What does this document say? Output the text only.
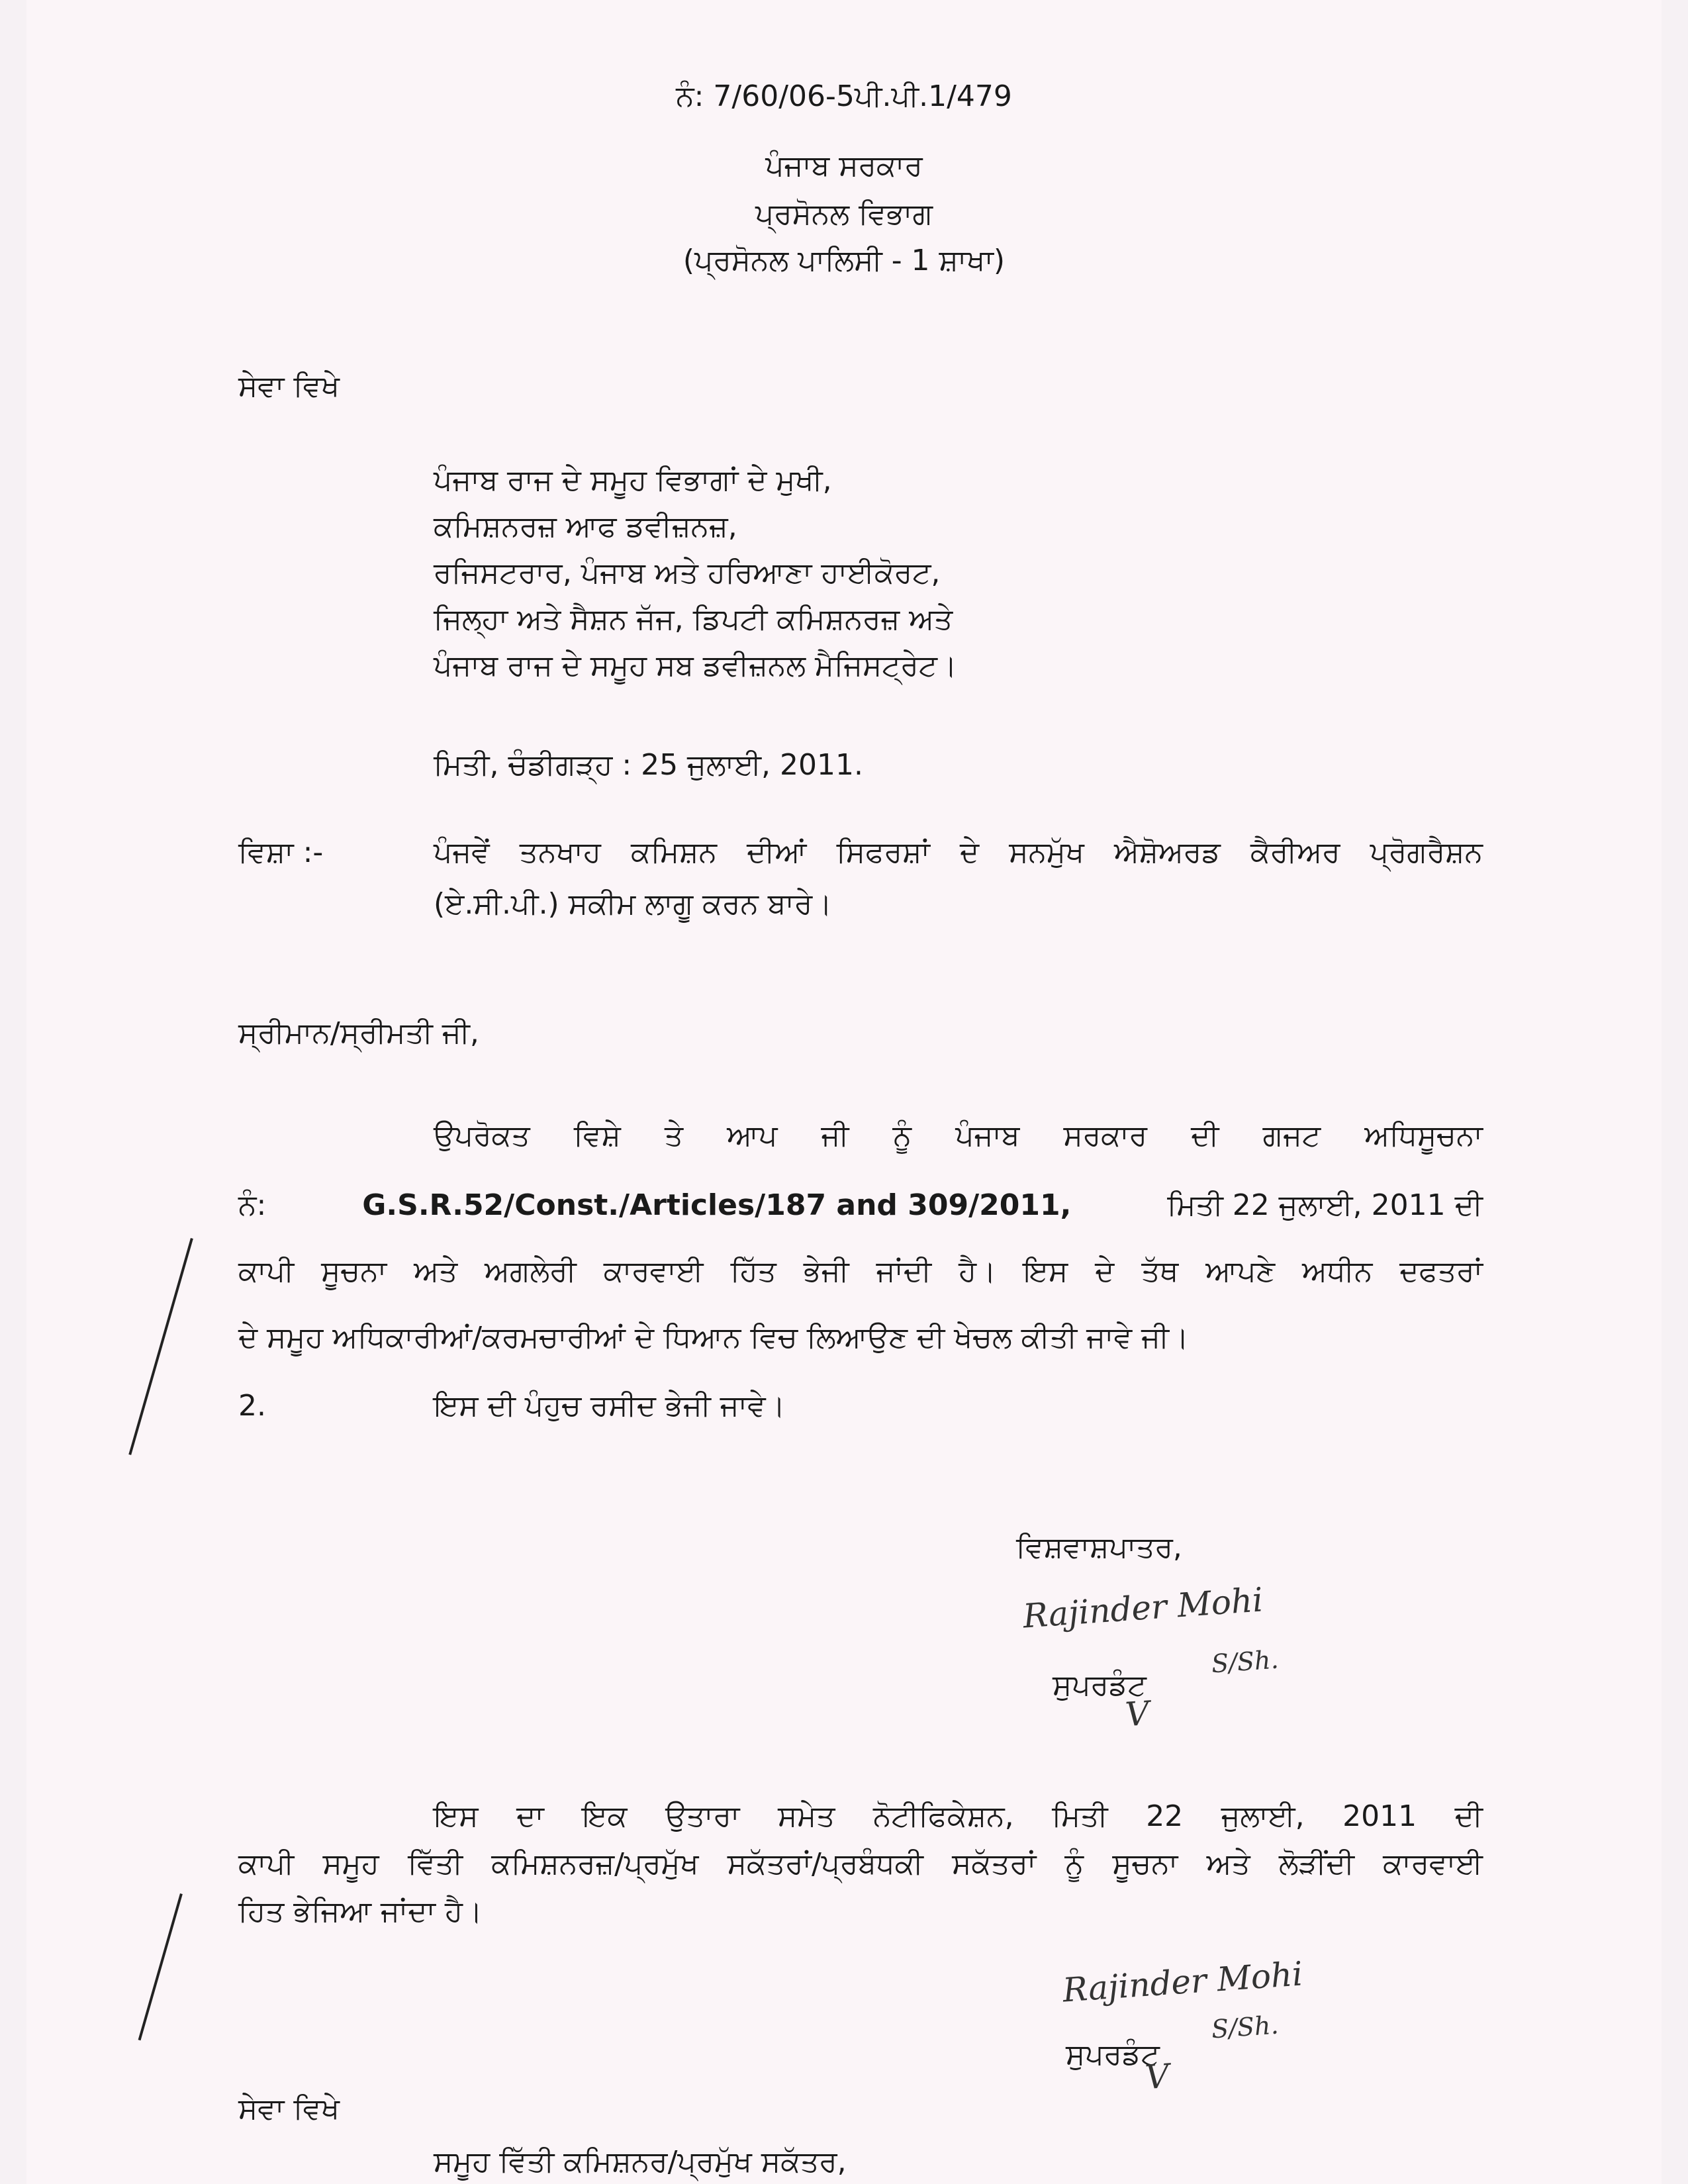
ਨੰ: 7/60/06-5ਪੀ.ਪੀ.1/479
ਪੰਜਾਬ ਸਰਕਾਰ
ਪ੍ਰਸੋਨਲ ਵਿਭਾਗ
(ਪ੍ਰਸੋਨਲ ਪਾਲਿਸੀ - 1 ਸ਼ਾਖਾ)
ਸੇਵਾ ਵਿਖੇ
ਪੰਜਾਬ ਰਾਜ ਦੇ ਸਮੂਹ ਵਿਭਾਗਾਂ ਦੇ ਮੁਖੀ,
ਕਮਿਸ਼ਨਰਜ਼ ਆਫ ਡਵੀਜ਼ਨਜ਼,
ਰਜਿਸਟਰਾਰ, ਪੰਜਾਬ ਅਤੇ ਹਰਿਆਣਾ ਹਾਈਕੋਰਟ,
ਜਿਲ੍ਹਾ ਅਤੇ ਸੈਸ਼ਨ ਜੱਜ, ਡਿਪਟੀ ਕਮਿਸ਼ਨਰਜ਼ ਅਤੇ
ਪੰਜਾਬ ਰਾਜ ਦੇ ਸਮੂਹ ਸਬ ਡਵੀਜ਼ਨਲ ਮੈਜਿਸਟ੍ਰੇਟ।
ਮਿਤੀ, ਚੰਡੀਗੜ੍ਹ : 25 ਜੁਲਾਈ, 2011.
ਵਿਸ਼ਾ :-	ਪੰਜਵੇਂ ਤਨਖਾਹ ਕਮਿਸ਼ਨ ਦੀਆਂ ਸਿਫਰਸ਼ਾਂ ਦੇ ਸਨਮੁੱਖ ਐਸ਼ੋਅਰਡ ਕੈਰੀਅਰ ਪ੍ਰੋਗਰੈਸ਼ਨ
(ਏ.ਸੀ.ਪੀ.) ਸਕੀਮ ਲਾਗੂ ਕਰਨ ਬਾਰੇ।
ਸ੍ਰੀਮਾਨ/ਸ੍ਰੀਮਤੀ ਜੀ,
ਉਪਰੋਕਤ ਵਿਸ਼ੇ ਤੇ ਆਪ ਜੀ ਨੂੰ ਪੰਜਾਬ ਸਰਕਾਰ ਦੀ ਗਜਟ ਅਧਿਸੂਚਨਾ
ਨੰ:	G.S.R.52/Const./Articles/187 and 309/2011,	ਮਿਤੀ 22 ਜੁਲਾਈ, 2011 ਦੀ
ਕਾਪੀ ਸੂਚਨਾ ਅਤੇ ਅਗਲੇਰੀ ਕਾਰਵਾਈ ਹਿੱਤ ਭੇਜੀ ਜਾਂਦੀ ਹੈ। ਇਸ ਦੇ ਤੱਥ ਆਪਣੇ ਅਧੀਨ ਦਫਤਰਾਂ
ਦੇ ਸਮੂਹ ਅਧਿਕਾਰੀਆਂ/ਕਰਮਚਾਰੀਆਂ ਦੇ ਧਿਆਨ ਵਿਚ ਲਿਆਉਣ ਦੀ ਖੇਚਲ ਕੀਤੀ ਜਾਵੇ ਜੀ।
2.	ਇਸ ਦੀ ਪੰਹੁਚ ਰਸੀਦ ਭੇਜੀ ਜਾਵੇ।
ਵਿਸ਼ਵਾਸ਼ਪਾਤਰ,
Rajinder Mohi
S/Sh.
ਸੁਪਰਡੰਟ
V
ਇਸ ਦਾ ਇਕ ਉਤਾਰਾ ਸਮੇਤ ਨੋਟੀਫਿਕੇਸ਼ਨ, ਮਿਤੀ 22 ਜੁਲਾਈ, 2011 ਦੀ
ਕਾਪੀ ਸਮੂਹ ਵਿੱਤੀ ਕਮਿਸ਼ਨਰਜ਼/ਪ੍ਰਮੁੱਖ ਸਕੱਤਰਾਂ/ਪ੍ਰਬੰਧਕੀ ਸਕੱਤਰਾਂ ਨੂੰ ਸੂਚਨਾ ਅਤੇ ਲੋੜੀਂਦੀ ਕਾਰਵਾਈ
ਹਿਤ ਭੇਜਿਆ ਜਾਂਦਾ ਹੈ।
Rajinder Mohi
S/Sh.
ਸੁਪਰਡੰਟ
V
ਸੇਵਾ ਵਿਖੇ
ਸਮੂਹ ਵਿੱਤੀ ਕਮਿਸ਼ਨਰ/ਪ੍ਰਮੁੱਖ ਸਕੱਤਰ,
